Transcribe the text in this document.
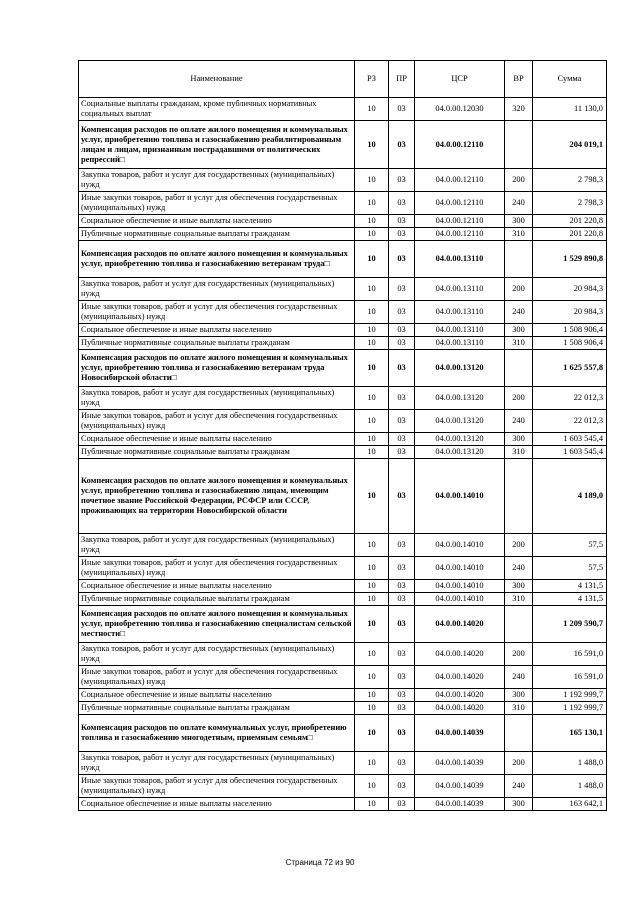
Наименование	РЗ	ПР	ЦСР	ВР	Сумма
Социальные выплаты гражданам, кроме публичных нормативных социальных выплат	10	03	04.0.00.12030	320	11 130,0
Компенсация расходов по оплате жилого помещения и коммунальных услуг, приобретению топлива и газоснабжению реабилитированным лицам и лицам, признанным пострадавшими от политических репрессий□	10	03	04.0.00.12110		204 019,1
Закупка товаров, работ и услуг для государственных (муниципальных) нужд	10	03	04.0.00.12110	200	2 798,3
Иные закупки товаров, работ и услуг для обеспечения государственных (муниципальных) нужд	10	03	04.0.00.12110	240	2 798,3
Социальное обеспечение и иные выплаты населению	10	03	04.0.00.12110	300	201 220,8
Публичные нормативные социальные выплаты гражданам	10	03	04.0.00.12110	310	201 220,8
Компенсация расходов по оплате жилого помещения и коммунальных услуг, приобретению топлива и газоснабжению ветеранам труда□	10	03	04.0.00.13110		1 529 890,8
Закупка товаров, работ и услуг для государственных (муниципальных) нужд	10	03	04.0.00.13110	200	20 984,3
Иные закупки товаров, работ и услуг для обеспечения государственных (муниципальных) нужд	10	03	04.0.00.13110	240	20 984,3
Социальное обеспечение и иные выплаты населению	10	03	04.0.00.13110	300	1 508 906,4
Публичные нормативные социальные выплаты гражданам	10	03	04.0.00.13110	310	1 508 906,4
Компенсация расходов по оплате жилого помещения и коммунальных услуг, приобретению топлива и газоснабжению ветеранам труда Новосибирской области□	10	03	04.0.00.13120		1 625 557,8
Закупка товаров, работ и услуг для государственных (муниципальных) нужд	10	03	04.0.00.13120	200	22 012,3
Иные закупки товаров, работ и услуг для обеспечения государственных (муниципальных) нужд	10	03	04.0.00.13120	240	22 012,3
Социальное обеспечение и иные выплаты населению	10	03	04.0.00.13120	300	1 603 545,4
Публичные нормативные социальные выплаты гражданам	10	03	04.0.00.13120	310	1 603 545,4
Компенсация расходов по оплате жилого помещения и коммунальных услуг, приобретению топлива и газоснабжению лицам, имеющим почетное звание Российской Федерации, РСФСР или СССР, проживающих на территории Новосибирской области	10	03	04.0.00.14010		4 189,0
Закупка товаров, работ и услуг для государственных (муниципальных) нужд	10	03	04.0.00.14010	200	57,5
Иные закупки товаров, работ и услуг для обеспечения государственных (муниципальных) нужд	10	03	04.0.00.14010	240	57,5
Социальное обеспечение и иные выплаты населению	10	03	04.0.00.14010	300	4 131,5
Публичные нормативные социальные выплаты гражданам	10	03	04.0.00.14010	310	4 131,5
Компенсация расходов по оплате жилого помещения и коммунальных услуг, приобретению топлива и газоснабжению специалистам сельской местности□	10	03	04.0.00.14020		1 209 590,7
Закупка товаров, работ и услуг для государственных (муниципальных) нужд	10	03	04.0.00.14020	200	16 591,0
Иные закупки товаров, работ и услуг для обеспечения государственных (муниципальных) нужд	10	03	04.0.00.14020	240	16 591,0
Социальное обеспечение и иные выплаты населению	10	03	04.0.00.14020	300	1 192 999,7
Публичные нормативные социальные выплаты гражданам	10	03	04.0.00.14020	310	1 192 999,7
Компенсация расходов по оплате коммунальных услуг, приобретению топлива и газоснабжению многодетным, приемным семьям□	10	03	04.0.00.14039		165 130,1
Закупка товаров, работ и услуг для государственных (муниципальных) нужд	10	03	04.0.00.14039	200	1 488,0
Иные закупки товаров, работ и услуг для обеспечения государственных (муниципальных) нужд	10	03	04.0.00.14039	240	1 488,0
Социальное обеспечение и иные выплаты населению	10	03	04.0.00.14039	300	163 642,1
Страница 72 из 90
